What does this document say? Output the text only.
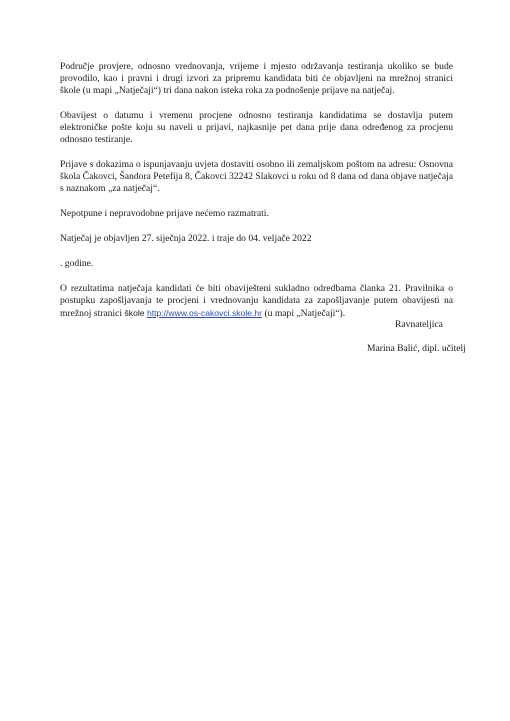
Područje provjere, odnosno vrednovanja, vrijeme i mjesto održavanja testiranja ukoliko se bude provodilo, kao i pravni i drugi izvori za pripremu kandidata biti će objavljeni na mrežnoj stranici škole (u mapi „Natječaji“) tri dana nakon isteka roka za podnošenje prijave na natječaj.

Obavijest o datumu i vremenu procjene odnosno testiranja kandidatima se dostavlja putem elektroničke pošte koju su naveli u prijavi, najkasnije pet dana prije dana određenog za procjenu odnosno testiranje.

Prijave s dokazima o ispunjavanju uvjeta dostaviti osobno ili zemaljskom poštom na adresu: Osnovna škola Čakovci, Šandora Petefija 8, Čakovci 32242 Slakovci u roku od 8 dana od dana objave natječaja s naznakom „za natječaj“.

Nepotpune i nepravodobne prijave nećemo razmatrati.

Natječaj je objavljen 27. siječnja 2022. i traje do 04. veljače 2022

. godine.

O rezultatima natječaja kandidati će biti obaviješteni sukladno odredbama članka 21. Pravilnika o postupku zapošljavanja te procjeni i vrednovanju kandidata za zapošljavanje putem obavijesti na mrežnoj stranici škole http://www.os-cakovci.skole.hr (u mapi „Natječaji“).

Ravnateljica
Marina Balić, dipl. učitelj
